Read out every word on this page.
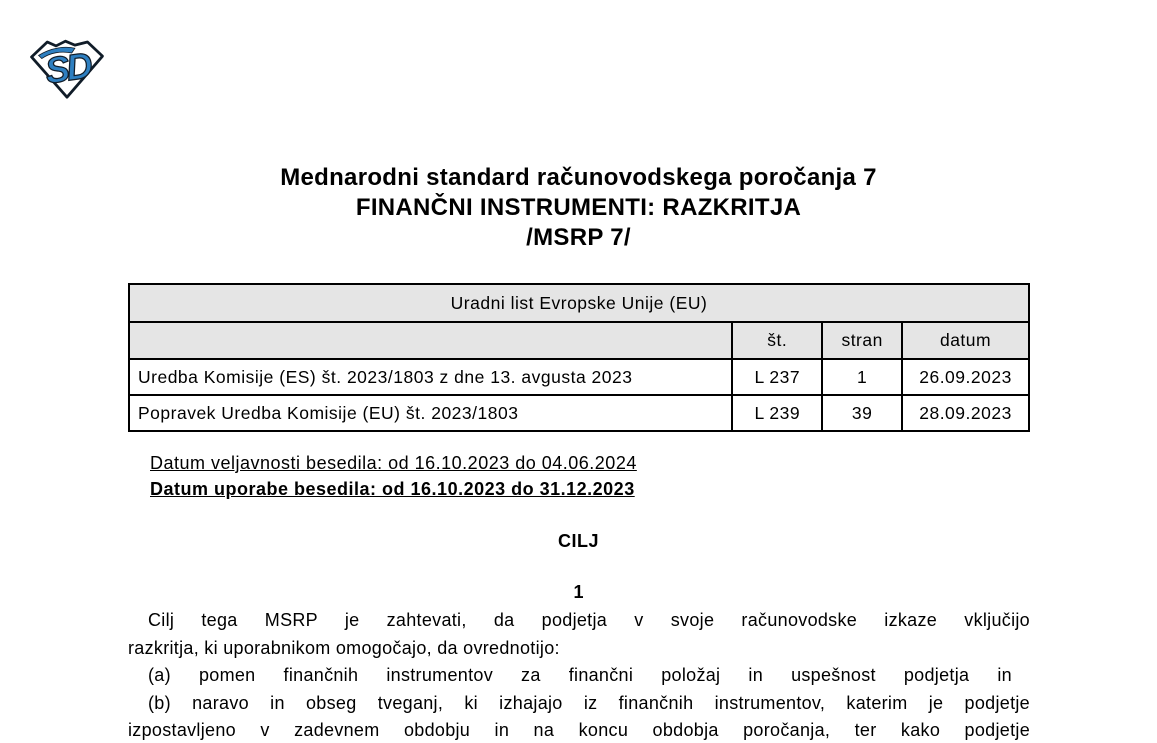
SD
Mednarodni standard računovodskega poročanja 7
FINANČNI INSTRUMENTI: RAZKRITJA
/MSRP 7/
Uradni list Evropske Unije (EU)			
	št.	stran	datum
Uredba Komisije (ES) št. 2023/1803 z dne 13. avgusta 2023	L 237	1	26.09.2023
Popravek Uredba Komisije (EU) št. 2023/1803	L 239	39	28.09.2023
Datum veljavnosti besedila: od 16.10.2023 do 04.06.2024
Datum uporabe besedila: od 16.10.2023 do 31.12.2023
CILJ
1
Cilj tega MSRP je zahtevati, da podjetja v svoje računovodske izkaze vključijo
razkritja, ki uporabnikom omogočajo, da ovrednotijo:
(a) pomen finančnih instrumentov za finančni položaj in uspešnost podjetja in
(b) naravo in obseg tveganj, ki izhajajo iz finančnih instrumentov, katerim je podjetje
izpostavljeno v zadevnem obdobju in na koncu obdobja poročanja, ter kako podjetje
